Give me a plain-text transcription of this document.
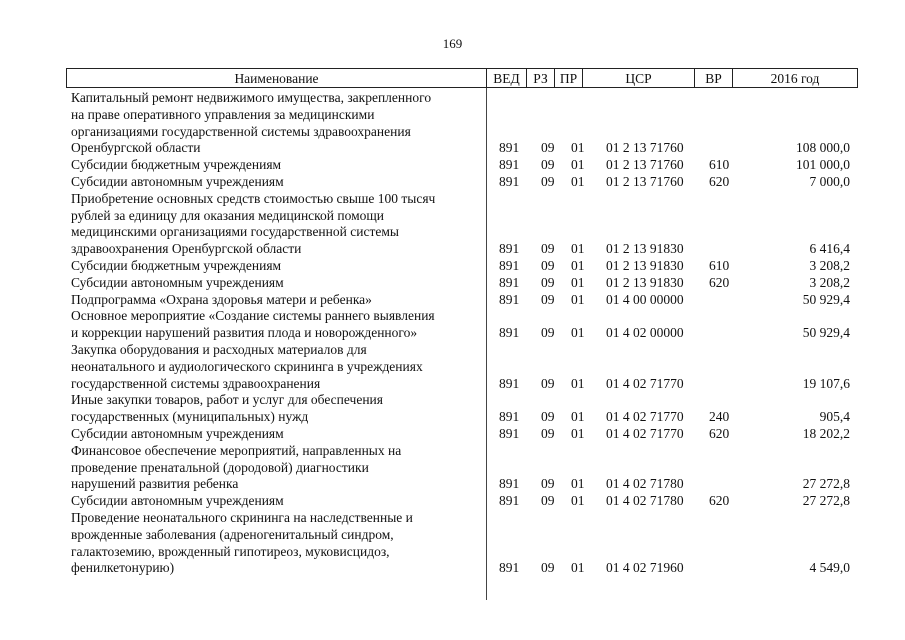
169
Наименование	ВЕД	РЗ ПР	ЦСР	ВР	2016 год
Капитальный ремонт недвижимого имущества, закрепленного
на праве оперативного управления за медицинскими
организациями государственной системы здравоохранения
Оренбургской области	891 09 01 01 2 13 71760	108 000,0
Субсидии бюджетным учреждениям	891 09 01 01 2 13 71760 610	101 000,0
Субсидии автономным учреждениям	891 09 01 01 2 13 71760 620	7 000,0
Приобретение основных средств стоимостью свыше 100 тысяч
рублей за единицу для оказания медицинской помощи
медицинскими организациями государственной системы
здравоохранения Оренбургской области	891 09 01 01 2 13 91830	6 416,4
Субсидии бюджетным учреждениям	891 09 01 01 2 13 91830 610	3 208,2
Субсидии автономным учреждениям	891 09 01 01 2 13 91830 620	3 208,2
Подпрограмма «Охрана здоровья матери и ребенка»	891 09 01 01 4 00 00000	50 929,4
Основное мероприятие «Создание системы раннего выявления
и коррекции нарушений развития плода и новорожденного»	891 09 01 01 4 02 00000	50 929,4
Закупка оборудования и расходных материалов для
неонатального и аудиологического скрининга в учреждениях
государственной системы здравоохранения	891 09 01 01 4 02 71770	19 107,6
Иные закупки товаров, работ и услуг для обеспечения
государственных (муниципальных) нужд	891 09 01 01 4 02 71770 240	905,4
Субсидии автономным учреждениям	891 09 01 01 4 02 71770 620	18 202,2
Финансовое обеспечение мероприятий, направленных на
проведение пренатальной (дородовой) диагностики
нарушений развития ребенка	891 09 01 01 4 02 71780	27 272,8
Субсидии автономным учреждениям	891 09 01 01 4 02 71780 620	27 272,8
Проведение неонатального скрининга на наследственные и
врожденные заболевания (адреногенитальный синдром,
галактоземию, врожденный гипотиреоз, муковисцидоз,
фенилкетонурию)	891 09 01 01 4 02 71960	4 549,0
